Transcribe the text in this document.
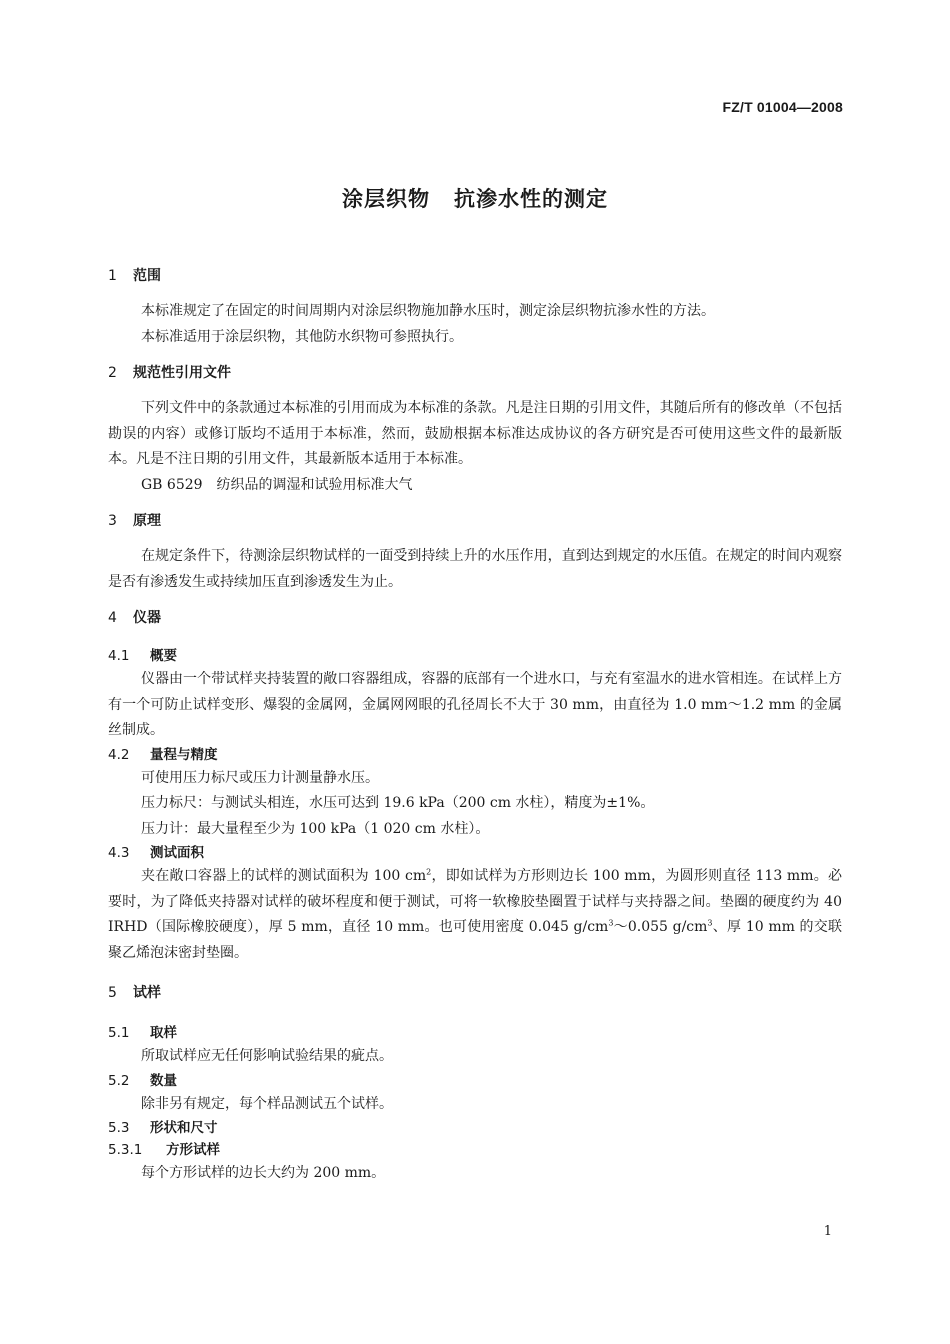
FZ/T 01004—2008
涂层织物 抗渗水性的测定
1 范围

本标准规定了在固定的时间周期内对涂层织物施加静水压时，测定涂层织物抗渗水性的方法。

本标准适用于涂层织物，其他防水织物可参照执行。

2 规范性引用文件

下列文件中的条款通过本标准的引用而成为本标准的条款。凡是注日期的引用文件，其随后所有的修改单（不包括勘误的内容）或修订版均不适用于本标准，然而，鼓励根据本标准达成协议的各方研究是否可使用这些文件的最新版本。凡是不注日期的引用文件，其最新版本适用于本标准。

GB 6529　纺织品的调湿和试验用标准大气

3 原理

在规定条件下，待测涂层织物试样的一面受到持续上升的水压作用，直到达到规定的水压值。在规定的时间内观察是否有渗透发生或持续加压直到渗透发生为止。

4 仪器
4.1 概要

仪器由一个带试样夹持装置的敞口容器组成，容器的底部有一个进水口，与充有室温水的进水管相连。在试样上方有一个可防止试样变形、爆裂的金属网，金属网网眼的孔径周长不大于 30 mm，由直径为 1.0 mm～1.2 mm 的金属丝制成。

4.2 量程与精度

可使用压力标尺或压力计测量静水压。

压力标尺：与测试头相连，水压可达到 19.6 kPa（200 cm 水柱），精度为±1%。

压力计：最大量程至少为 100 kPa（1 020 cm 水柱）。

4.3 测试面积

夹在敞口容器上的试样的测试面积为 100 $cm^2$，即如试样为方形则边长 100 mm，为圆形则直径 113 mm。必要时，为了降低夹持器对试样的破坏程度和便于测试，可将一软橡胶垫圈置于试样与夹持器之间。垫圈的硬度约为 40 IRHD（国际橡胶硬度），厚 5 mm，直径 10 mm。也可使用密度 0.045 $g/cm^3\sim 0.055$ $g/cm^3$、厚 10 mm 的交联聚乙烯泡沫密封垫圈。

5 试样
5.1 取样

所取试样应无任何影响试验结果的疵点。

5.2 数量

除非另有规定，每个样品测试五个试样。

5.3 形状和尺寸
5.3.1 方形试样

每个方形试样的边长大约为 200 mm。

1
